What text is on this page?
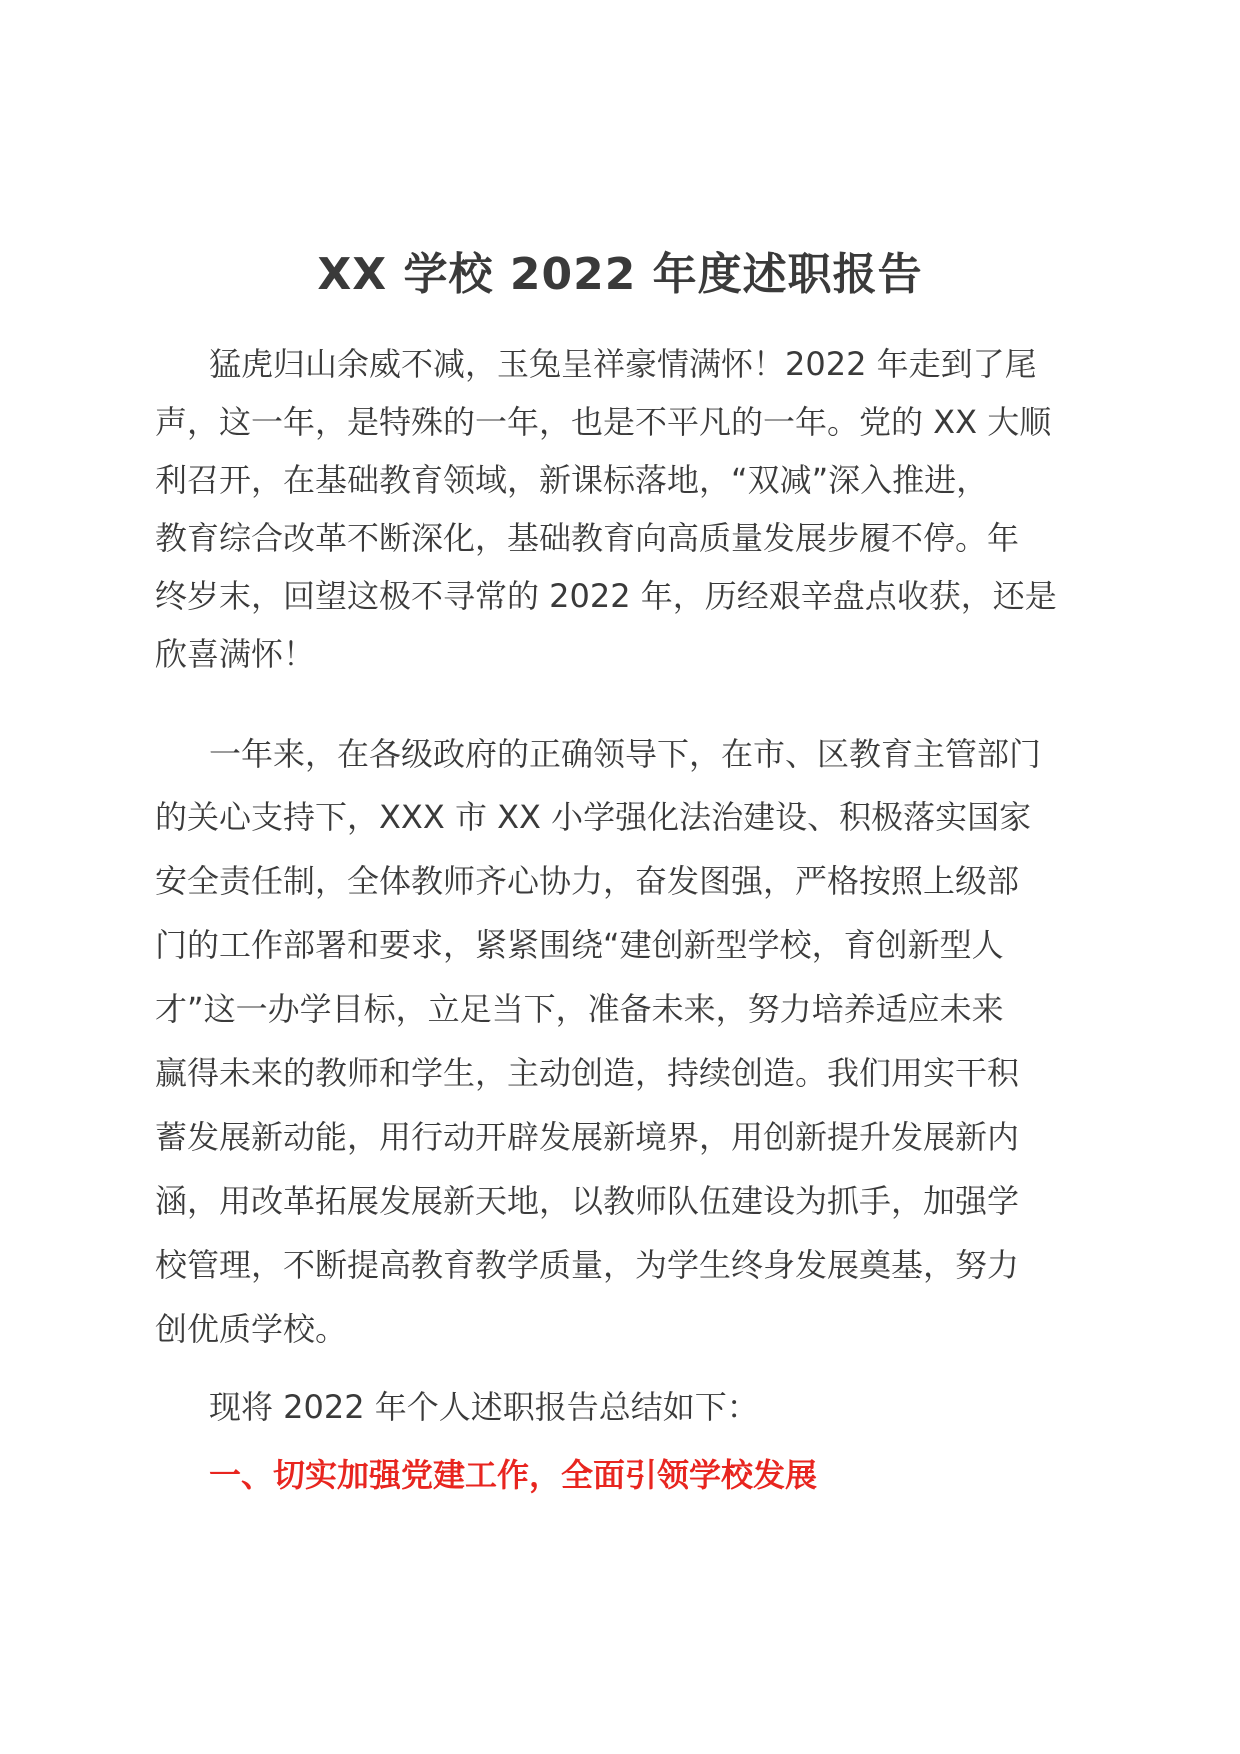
XX 学校 2022 年度述职报告

猛虎归山余威不减，玉兔呈祥豪情满怀！2022 年走到了尾

声，这一年，是特殊的一年，也是不平凡的一年。党的 XX 大顺

利召开，在基础教育领域，新课标落地，“双减”深入推进，

教育综合改革不断深化，基础教育向高质量发展步履不停。年

终岁末，回望这极不寻常的 2022 年，历经艰辛盘点收获，还是

欣喜满怀！

一年来，在各级政府的正确领导下，在市、区教育主管部门

的关心支持下，XXX 市 XX 小学强化法治建设、积极落实国家

安全责任制，全体教师齐心协力，奋发图强，严格按照上级部

门的工作部署和要求，紧紧围绕“建创新型学校，育创新型人

才”这一办学目标，立足当下，准备未来，努力培养适应未来

赢得未来的教师和学生，主动创造，持续创造。我们用实干积

蓄发展新动能，用行动开辟发展新境界，用创新提升发展新内

涵，用改革拓展发展新天地，以教师队伍建设为抓手，加强学

校管理，不断提高教育教学质量，为学生终身发展奠基，努力

创优质学校。

现将 2022 年个人述职报告总结如下：

一、切实加强党建工作，全面引领学校发展
